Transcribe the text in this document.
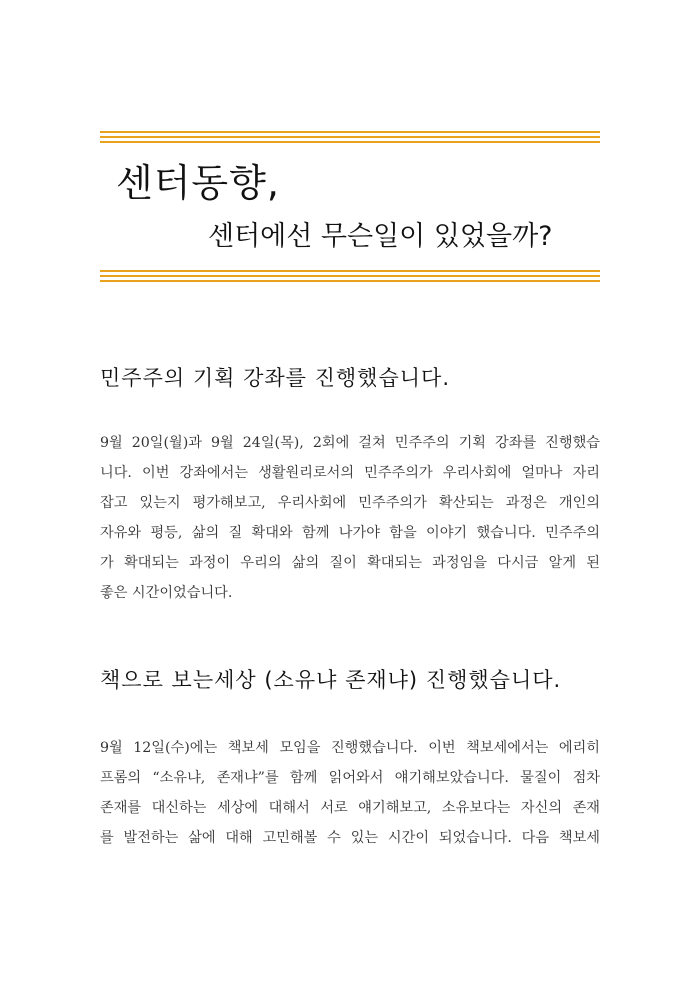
센터동향,
센터에선 무슨일이 있었을까?
민주주의 기획 강좌를 진행했습니다.
9월 20일(월)과 9월 24일(목), 2회에 걸쳐 민주주의 기획 강좌를 진행했습
니다. 이번 강좌에서는 생활원리로서의 민주주의가 우리사회에 얼마나 자리
잡고 있는지 평가해보고, 우리사회에 민주주의가 확산되는 과정은 개인의
자유와 평등, 삶의 질 확대와 함께 나가야 함을 이야기 했습니다. 민주주의
가 확대되는 과정이 우리의 삶의 질이 확대되는 과정임을 다시금 알게 된
좋은 시간이었습니다.
책으로 보는세상 (소유냐 존재냐) 진행했습니다.
9월 12일(수)에는 책보세 모임을 진행했습니다. 이번 책보세에서는 에리히
프롬의 “소유냐, 존재냐”를 함께 읽어와서 얘기해보았습니다. 물질이 점차
존재를 대신하는 세상에 대해서 서로 얘기해보고, 소유보다는 자신의 존재
를 발전하는 삶에 대해 고민해볼 수 있는 시간이 되었습니다. 다음 책보세
